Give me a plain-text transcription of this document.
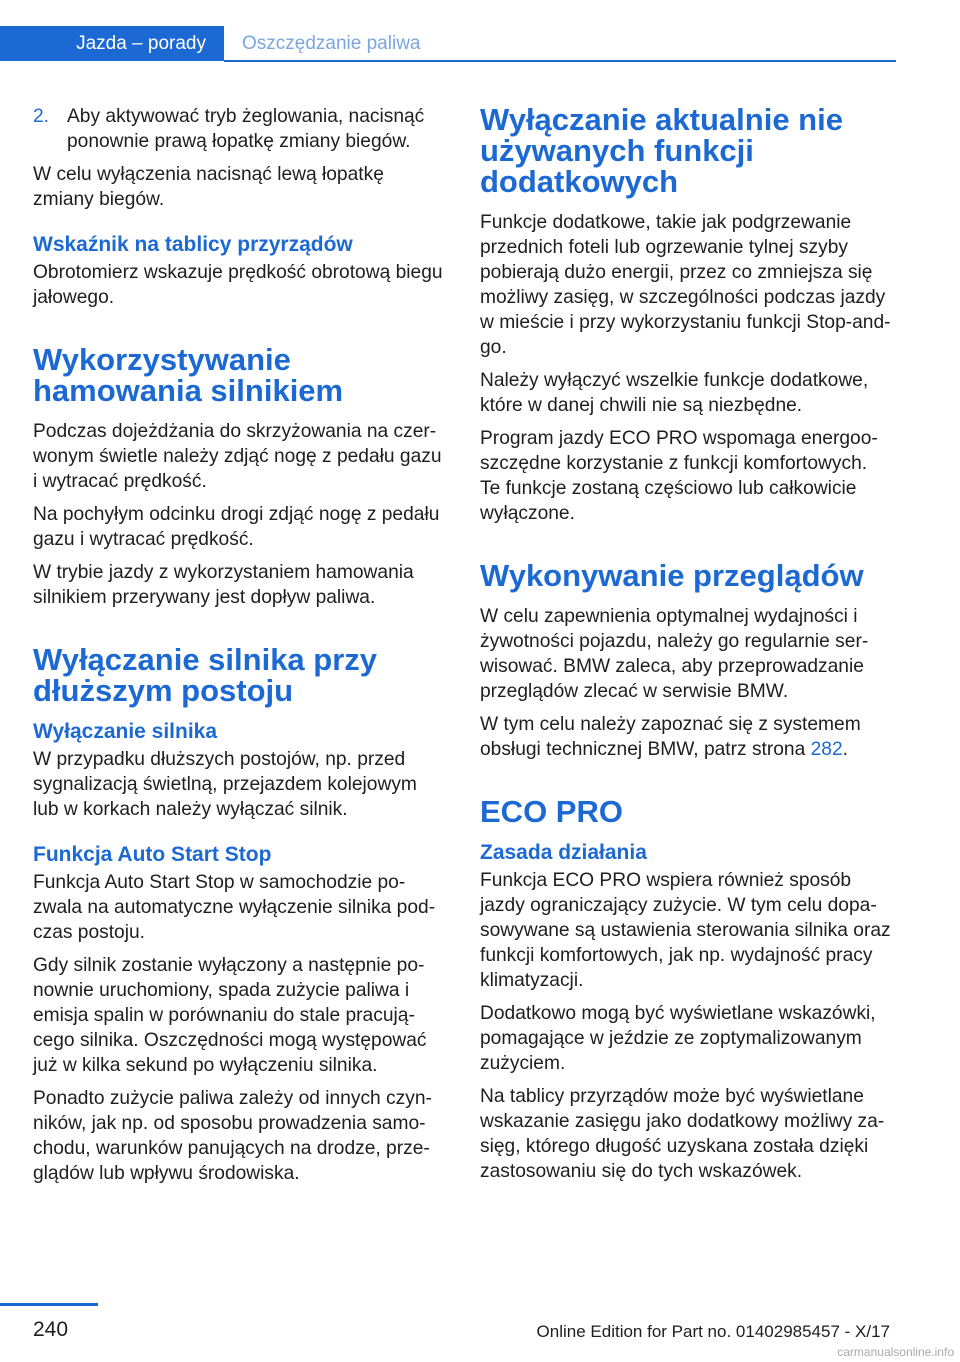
Jazda – porady	Oszczędzanie paliwa
2. Aby aktywować tryb żeglowania, nacisnąć ponownie prawą łopatkę zmiany biegów.

W celu wyłączenia nacisnąć lewą łopatkę zmiany biegów.

Wskaźnik na tablicy przyrządów

Obrotomierz wskazuje prędkość obrotową biegu jałowego.

Wykorzystywanie hamowania silnikiem

Podczas dojeżdżania do skrzyżowania na czerwonym świetle należy zdjąć nogę z pedału gazu i wytracać prędkość.

Na pochyłym odcinku drogi zdjąć nogę z pedału gazu i wytracać prędkość.

W trybie jazdy z wykorzystaniem hamowania silnikiem przerywany jest dopływ paliwa.

Wyłączanie silnika przy dłuższym postoju
Wyłączanie silnika

W przypadku dłuższych postojów, np. przed sygnalizacją świetlną, przejazdem kolejowym lub w korkach należy wyłączać silnik.

Funkcja Auto Start Stop

Funkcja Auto Start Stop w samochodzie pozwala na automatyczne wyłączenie silnika podczas postoju.

Gdy silnik zostanie wyłączony a następnie ponownie uruchomiony, spada zużycie paliwa i emisja spalin w porównaniu do stale pracującego silnika. Oszczędności mogą występować już w kilka sekund po wyłączeniu silnika.

Ponadto zużycie paliwa zależy od innych czynników, jak np. od sposobu prowadzenia samochodu, warunków panujących na drodze, przeglądów lub wpływu środowiska.

Wyłączanie aktualnie nie używanych funkcji dodatkowych

Funkcje dodatkowe, takie jak podgrzewanie przednich foteli lub ogrzewanie tylnej szyby pobierają dużo energii, przez co zmniejsza się możliwy zasięg, w szczególności podczas jazdy w mieście i przy wykorzystaniu funkcji Stop-and-go.

Należy wyłączyć wszelkie funkcje dodatkowe, które w danej chwili nie są niezbędne.

Program jazdy ECO PRO wspomaga energooszczędne korzystanie z funkcji komfortowych. Te funkcje zostaną częściowo lub całkowicie wyłączone.

Wykonywanie przeglądów

W celu zapewnienia optymalnej wydajności i żywotności pojazdu, należy go regularnie serwisować. BMW zaleca, aby przeprowadzanie przeglądów zlecać w serwisie BMW.

W tym celu należy zapoznać się z systemem obsługi technicznej BMW, patrz strona 282.

ECO PRO
Zasada działania

Funkcja ECO PRO wspiera również sposób jazdy ograniczający zużycie. W tym celu dopasowywane są ustawienia sterowania silnika oraz funkcji komfortowych, jak np. wydajność pracy klimatyzacji.

Dodatkowo mogą być wyświetlane wskazówki, pomagające w jeździe ze zoptymalizowanym zużyciem.

Na tablicy przyrządów może być wyświetlane wskazanie zasięgu jako dodatkowy możliwy zasięg, którego długość uzyskana została dzięki zastosowaniu się do tych wskazówek.

240	Online Edition for Part no. 01402985457 - X/17
carmanualsonline.info
